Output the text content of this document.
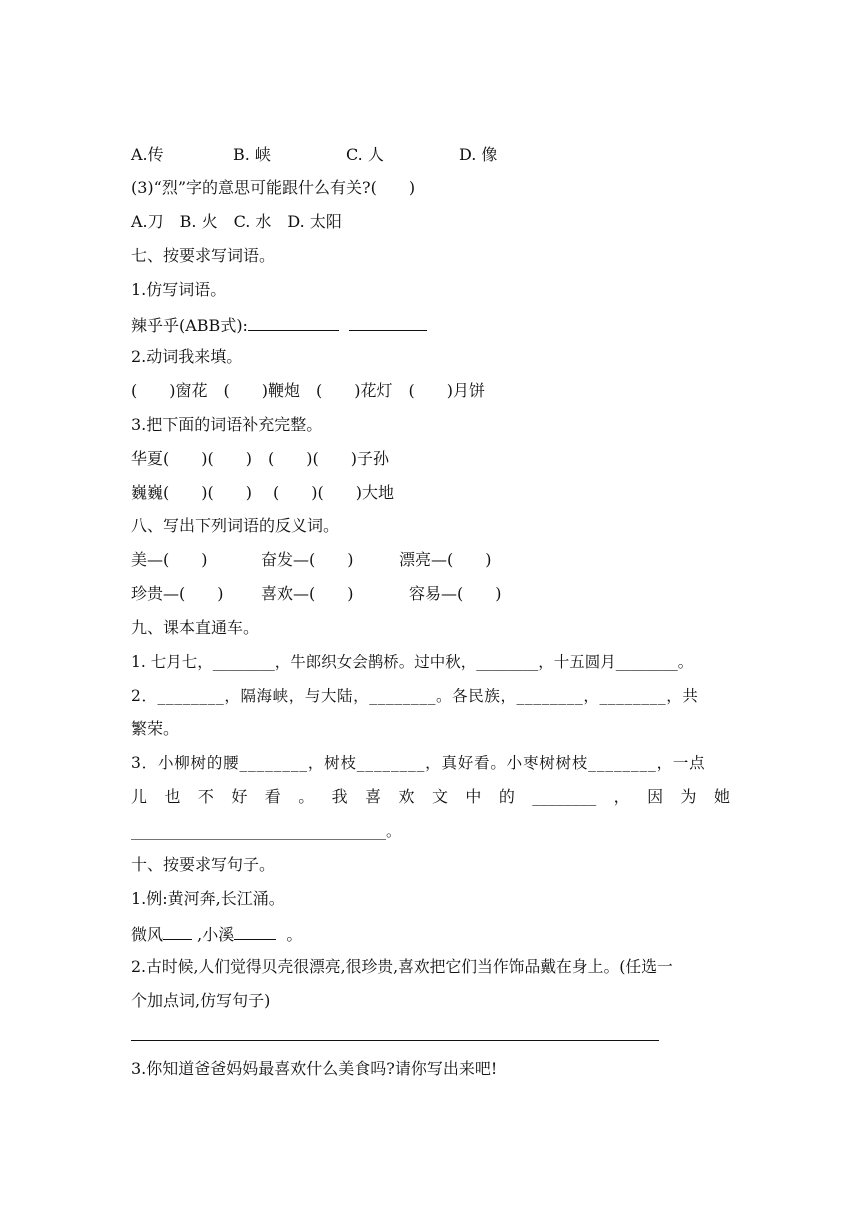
A.传	B. 峡	C. 人	D. 像
(3)“烈”字的意思可能跟什么有关?(　　)
A.刀　B. 火　C. 水　D. 太阳
七、按要求写词语。
1.仿写词语。
辣乎乎(ABB式):
2.动词我来填。
(　　)窗花　(　　)鞭炮　(　　)花灯　(　　)月饼
3.把下面的词语补充完整。
华夏(　　)(　　)　(　　)(　　)子孙
巍巍(　　)(　　)　 (　　)(　　)大地
八、写出下列词语的反义词。
美—(　　)	奋发—(　　)	漂亮—(　　)
珍贵—(　　) 喜欢—(　　)	容易—(　　)
九、课本直通车。
1. 七月七，________，牛郎织女会鹊桥。过中秋，________，十五圆月________。
2．________，隔海峡，与大陆，________。各民族，________，________，共
繁荣。
3．小柳树的腰________，树枝________，真好看。小枣树树枝________，一点
儿 也 不 好 看 。 我 喜 欢 文 中 的 ________ ， 因 为 她
__________________________________。
十、按要求写句子。
1.例:黄河奔,长江涌。
微风 ,小溪	。
2.古时候,人们觉得贝壳很漂亮,很珍贵,喜欢把它们当作饰品戴在身上。(任选一
个加点词,仿写句子)
3.你知道爸爸妈妈最喜欢什么美食吗?请你写出来吧!
